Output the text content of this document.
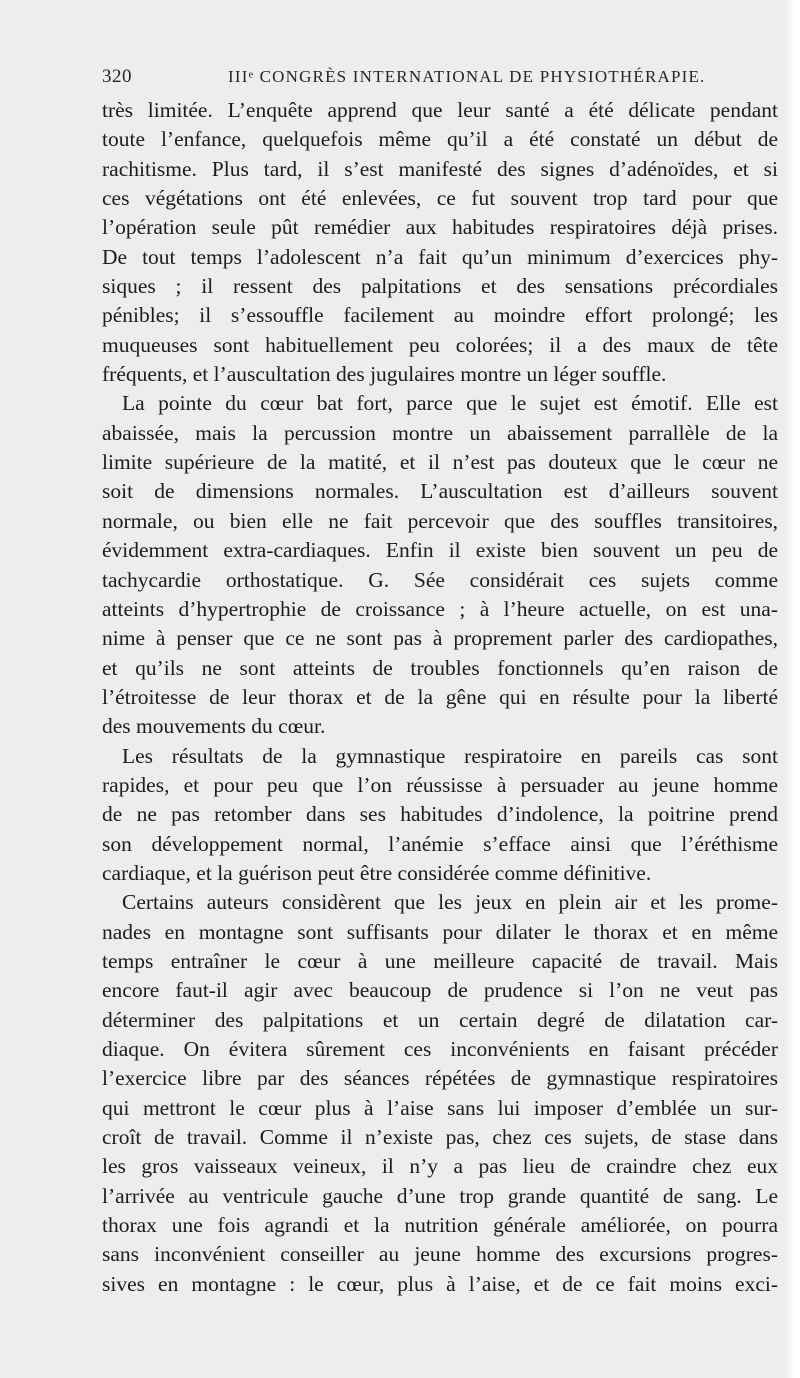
320	IIIᵉ CONGRÈS INTERNATIONAL DE PHYSIOTHÉRAPIE.
très limitée. L’enquête apprend que leur santé a été délicate pendant
toute l’enfance, quelquefois même qu’il a été constaté un début de
rachitisme. Plus tard, il s’est manifesté des signes d’adénoïdes, et si
ces végétations ont été enlevées, ce fut souvent trop tard pour que
l’opération seule pût remédier aux habitudes respiratoires déjà prises.
De tout temps l’adolescent n’a fait qu’un minimum d’exercices phy-
siques ; il ressent des palpitations et des sensations précordiales
pénibles; il s’essouffle facilement au moindre effort prolongé; les
muqueuses sont habituellement peu colorées; il a des maux de tête
fréquents, et l’auscultation des jugulaires montre un léger souffle.
La pointe du cœur bat fort, parce que le sujet est émotif. Elle est
abaissée, mais la percussion montre un abaissement parrallèle de la
limite supérieure de la matité, et il n’est pas douteux que le cœur ne
soit de dimensions normales. L’auscultation est d’ailleurs souvent
normale, ou bien elle ne fait percevoir que des souffles transitoires,
évidemment extra-cardiaques. Enfin il existe bien souvent un peu de
tachycardie orthostatique. G. Sée considérait ces sujets comme
atteints d’hypertrophie de croissance ; à l’heure actuelle, on est una-
nime à penser que ce ne sont pas à proprement parler des cardiopathes,
et qu’ils ne sont atteints de troubles fonctionnels qu’en raison de
l’étroitesse de leur thorax et de la gêne qui en résulte pour la liberté
des mouvements du cœur.
Les résultats de la gymnastique respiratoire en pareils cas sont
rapides, et pour peu que l’on réussisse à persuader au jeune homme
de ne pas retomber dans ses habitudes d’indolence, la poitrine prend
son développement normal, l’anémie s’efface ainsi que l’éréthisme
cardiaque, et la guérison peut être considérée comme définitive.
Certains auteurs considèrent que les jeux en plein air et les prome-
nades en montagne sont suffisants pour dilater le thorax et en même
temps entraîner le cœur à une meilleure capacité de travail. Mais
encore faut-il agir avec beaucoup de prudence si l’on ne veut pas
déterminer des palpitations et un certain degré de dilatation car-
diaque. On évitera sûrement ces inconvénients en faisant précéder
l’exercice libre par des séances répétées de gymnastique respiratoires
qui mettront le cœur plus à l’aise sans lui imposer d’emblée un sur-
croît de travail. Comme il n’existe pas, chez ces sujets, de stase dans
les gros vaisseaux veineux, il n’y a pas lieu de craindre chez eux
l’arrivée au ventricule gauche d’une trop grande quantité de sang. Le
thorax une fois agrandi et la nutrition générale améliorée, on pourra
sans inconvénient conseiller au jeune homme des excursions progres-
sives en montagne : le cœur, plus à l’aise, et de ce fait moins exci-
